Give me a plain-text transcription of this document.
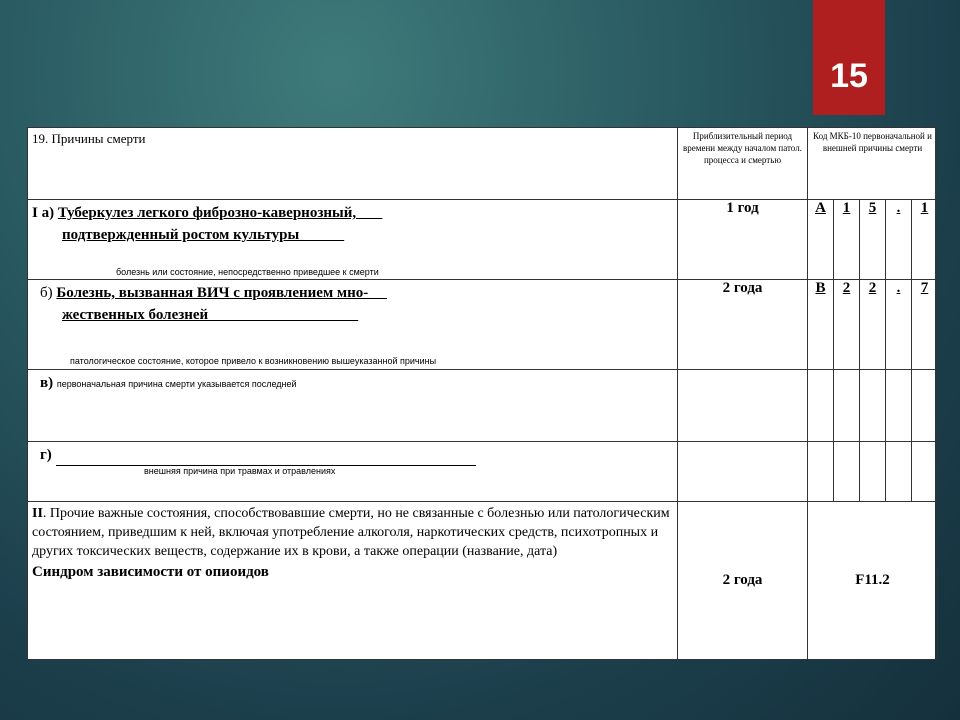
15
19. Причины смерти	Приблизительный период времени между началом патол. процесса и смертью	Код МКБ-10 первоначальной и внешней причины смерти				

I а) Туберкулез легкого фиброзно-кавернозный,
подтвержденный ростом культуры
болезнь или состояние, непосредственно приведшее к смерти	1 год	A	1	5	.	1

б) Болезнь, вызванная ВИЧ с проявлением мно-
жественных болезней
патологическое состояние, которое привело к возникновению вышеуказанной причины	2 года	B	2	2	.	7

в) первоначальная причина смерти указывается последней						

г)
внешняя причина при травмах и отравлениях						

II. Прочие важные состояния, способствовавшие смерти, но не связанные с болезнью или патологическим состоянием, приведшим к ней, включая употребление алкоголя, наркотических средств, психотропных и других токсических веществ, содержание их в крови, а также операции (название, дата)
Синдром зависимости от опиоидов	2 года	F11.2				
